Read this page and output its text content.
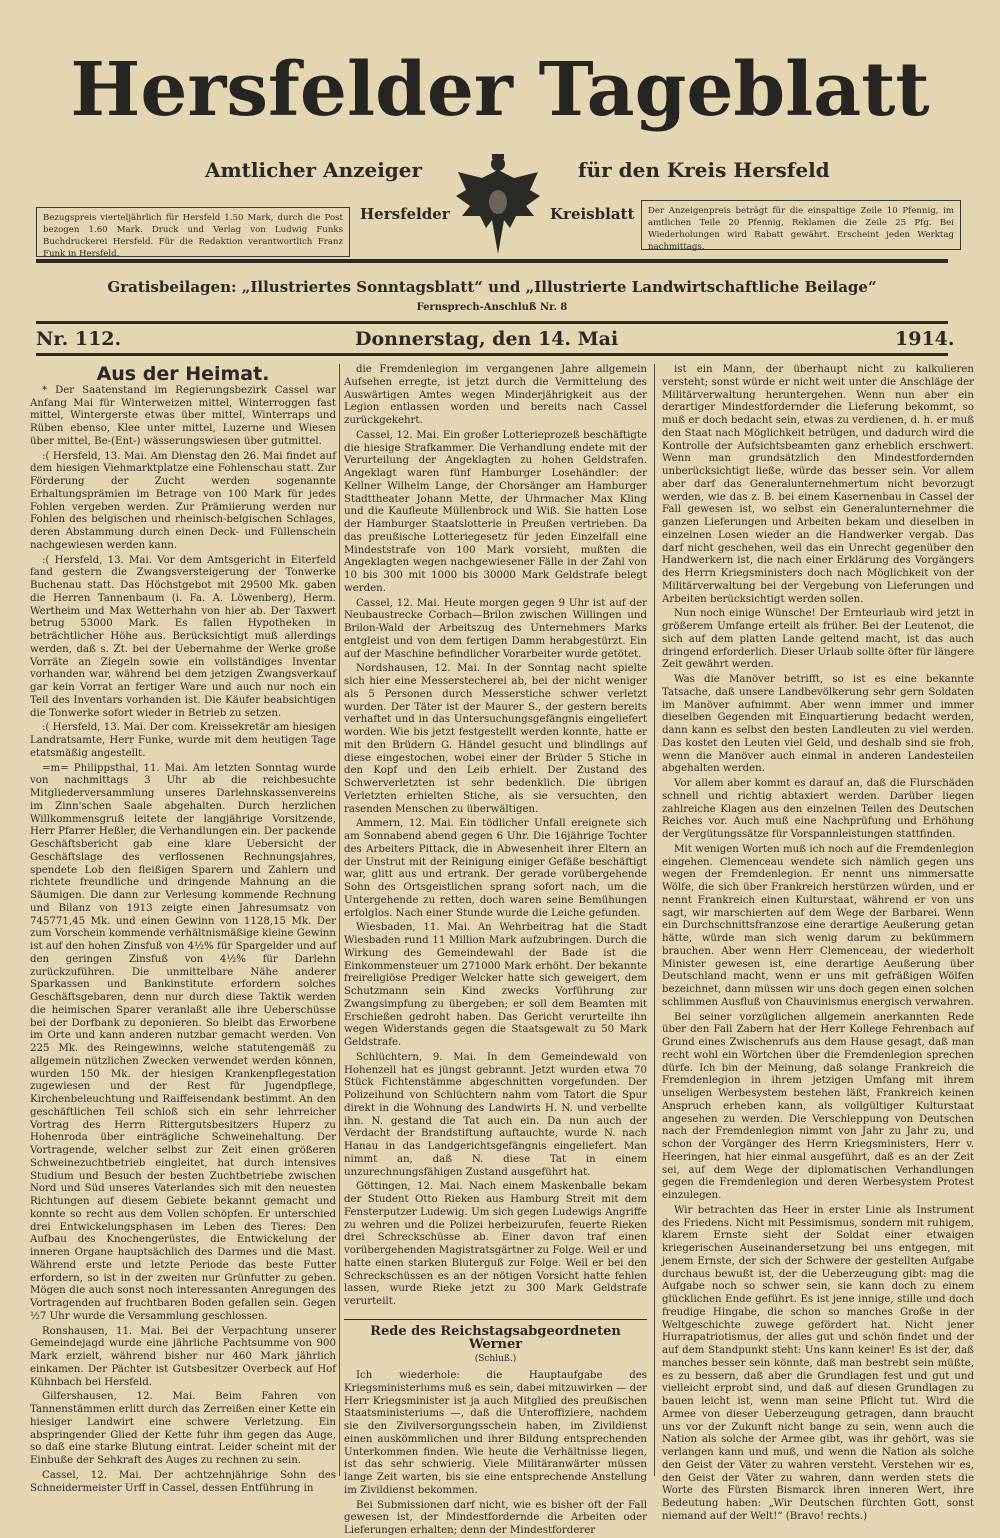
Hersfelder Tageblatt
Amtlicher Anzeiger	für den Kreis Hersfeld
Bezugspreis vierteljährlich für Hersfeld 1.50 Mark, durch die Post bezogen 1.60 Mark. Druck und Verlag von Ludwig Funks Buchdruckerei Hersfeld. Für die Redaktion verantwortlich Franz Funk in Hersfeld.
Der Anzeigenpreis beträgt für die einspaltige Zeile 10 Pfennig, im amtlichen Teile 20 Pfennig, Reklamen die Zeile 25 Pfg. Bei Wiederholungen wird Rabatt gewährt. Erscheint jeden Werktag nachmittags.
Hersfelder	Kreisblatt
Gratisbeilagen: „Illustriertes Sonntagsblatt“ und „Illustrierte Landwirtschaftliche Beilage“
Fernsprech-Anschluß Nr. 8
Nr. 112.	Donnerstag, den 14. Mai	1914.
Aus der Heimat.

* Der Saatenstand im Regierungsbezirk Cassel war Anfang Mai für Winterweizen mittel, Winterroggen fast mittel, Wintergerste etwas über mittel, Winterraps und Rüben ebenso, Klee unter mittel, Luzerne und Wiesen über mittel, Be-(Ent-) wässerungswiesen über gutmittel.

:( Hersfeld, 13. Mai. Am Dienstag den 26. Mai findet auf dem hiesigen Viehmarktplatze eine Fohlenschau statt. Zur Förderung der Zucht werden sogenannte Erhaltungsprämien im Betrage von 100 Mark für jedes Fohlen vergeben werden. Zur Prämiierung werden nur Fohlen des belgischen und rheinisch-belgischen Schlages, deren Abstammung durch einen Deck- und Füllenschein nachgewiesen werden kann.

:( Hersfeld, 13. Mai. Vor dem Amtsgericht in Eiterfeld fand gestern die Zwangsversteigerung der Tonwerke Buchenau statt. Das Höchstgebot mit 29500 Mk. gaben die Herren Tannenbaum (i. Fa. A. Löwenberg), Herm. Wertheim und Max Wetterhahn von hier ab. Der Taxwert betrug 53000 Mark. Es fallen Hypotheken in beträchtlicher Höhe aus. Berücksichtigt muß allerdings werden, daß s. Zt. bei der Uebernahme der Werke große Vorräte an Ziegeln sowie ein vollständiges Inventar vorhanden war, während bei dem jetzigen Zwangsverkauf gar kein Vorrat an fertiger Ware und auch nur noch ein Teil des Inventars vorhanden ist. Die Käufer beabsichtigen die Tonwerke sofort wieder in Betrieb zu setzen.

:( Hersfeld, 13. Mai. Der com. Kreissekretär am hiesigen Landratsamte, Herr Funke, wurde mit dem heutigen Tage etatsmäßig angestellt.

=m= Philippsthal, 11. Mai. Am letzten Sonntag wurde von nachmittags 3 Uhr ab die reichbesuchte Mitgliederversammlung unseres Darlehnskassenvereins im Zinn'schen Saale abgehalten. Durch herzlichen Willkommensgruß leitete der langjährige Vorsitzende, Herr Pfarrer Heßler, die Verhandlungen ein. Der packende Geschäftsbericht gab eine klare Uebersicht der Geschäftslage des verflossenen Rechnungsjahres, spendete Lob den fleißigen Sparern und Zahlern und richtete freundliche und dringende Mahnung an die Säumigen. Die dann zur Verlesung kommende Rechnung und Bilanz von 1913 zeigte einen Jahresumsatz von 745771,45 Mk. und einen Gewinn von 1128,15 Mk. Der zum Vorschein kommende verhältnismäßige kleine Gewinn ist auf den hohen Zinsfuß von 4½% für Spargelder und auf den geringen Zinsfuß von 4½% für Darlehn zurückzuführen. Die unmittelbare Nähe anderer Sparkassen und Bankinstitute erfordern solches Geschäftsgebaren, denn nur durch diese Taktik werden die heimischen Sparer veranlaßt alle ihre Ueberschüsse bei der Dorfbank zu deponieren. So bleibt das Erworbene im Orte und kann anderen nutzbar gemacht werden. Von 225 Mk. des Reingewinns, welche statutengemäß zu allgemein nützlichen Zwecken verwendet werden können, wurden 150 Mk. der hiesigen Krankenpflegestation zugewiesen und der Rest für Jugendpflege, Kirchenbeleuchtung und Raiffeisendank bestimmt. An den geschäftlichen Teil schloß sich ein sehr lehrreicher Vortrag des Herrn Rittergutsbesitzers Huperz zu Hohenroda über einträgliche Schweinehaltung. Der Vortragende, welcher selbst zur Zeit einen größeren Schweinezuchtbetrieb eingleitet, hat durch intensives Studium und Besuch der besten Zuchtbetriebe zwischen Nord und Süd unseres Vaterlandes sich mit den neuesten Richtungen auf diesem Gebiete bekannt gemacht und konnte so recht aus dem Vollen schöpfen. Er unterschied drei Entwickelungsphasen im Leben des Tieres: Den Aufbau des Knochengerüstes, die Entwickelung der inneren Organe hauptsächlich des Darmes und die Mast. Während erste und letzte Periode das beste Futter erfordern, so ist in der zweiten nur Grünfutter zu geben. Mögen die auch sonst noch interessanten Anregungen des Vortragenden auf fruchtbaren Boden gefallen sein. Gegen ½7 Uhr wurde die Versammlung geschlossen.

Ronshausen, 11. Mai. Bei der Verpachtung unserer Gemeindejagd wurde eine jährliche Pachtsumme von 900 Mark erzielt, während bisher nur 460 Mark jährlich einkamen. Der Pächter ist Gutsbesitzer Overbeck auf Hof Kühnbach bei Hersfeld.

Gilfershausen, 12. Mai. Beim Fahren von Tannenstämmen erlitt durch das Zerreißen einer Kette ein hiesiger Landwirt eine schwere Verletzung. Ein abspringender Glied der Kette fuhr ihm gegen das Auge, so daß eine starke Blutung eintrat. Leider scheint mit der Einbuße der Sehkraft des Auges zu rechnen zu sein.

Cassel, 12. Mai. Der achtzehnjährige Sohn des Schneidermeister Urff in Cassel, dessen Entführung in

die Fremdenlegion im vergangenen Jahre allgemein Aufsehen erregte, ist jetzt durch die Vermittelung des Auswärtigen Amtes wegen Minderjährigkeit aus der Legion entlassen worden und bereits nach Cassel zurückgekehrt.

Cassel, 12. Mai. Ein großer Lotterieprozeß beschäftigte die hiesige Strafkammer. Die Verhandlung endete mit der Verurteilung der Angeklagten zu hohen Geldstrafen. Angeklagt waren fünf Hamburger Losehändler: der Kellner Wilhelm Lange, der Chorsänger am Hamburger Stadttheater Johann Mette, der Uhrmacher Max Kling und die Kaufleute Müllenbrock und Wiß. Sie hatten Lose der Hamburger Staatslotterie in Preußen vertrieben. Da das preußische Lotteriegesetz für jeden Einzelfall eine Mindeststrafe von 100 Mark vorsieht, mußten die Angeklagten wegen nachgewiesener Fälle in der Zahl von 10 bis 300 mit 1000 bis 30000 Mark Geldstrafe belegt werden.

Cassel, 12. Mai. Heute morgen gegen 9 Uhr ist auf der Neubaustrecke Corbach—Brilon zwischen Willingen und Brilon-Wald der Arbeitszug des Unternehmers Marks entgleist und von dem fertigen Damm herabgestürzt. Ein auf der Maschine befindlicher Vorarbeiter wurde getötet.

Nordshausen, 12. Mai. In der Sonntag nacht spielte sich hier eine Messerstecherei ab, bei der nicht weniger als 5 Personen durch Messerstiche schwer verletzt wurden. Der Täter ist der Maurer S., der gestern bereits verhaftet und in das Untersuchungsgefängnis eingeliefert worden. Wie bis jetzt festgestellt werden konnte, hatte er mit den Brüdern G. Händel gesucht und blindlings auf diese eingestochen, wobei einer der Brüder 5 Stiche in den Kopf und den Leib erhielt. Der Zustand des Schwerverletzten ist sehr bedenklich. Die übrigen Verletzten erhielten Stiche, als sie versuchten, den rasenden Menschen zu überwältigen.

Ammern, 12. Mai. Ein tödlicher Unfall ereignete sich am Sonnabend abend gegen 6 Uhr. Die 16jährige Tochter des Arbeiters Pittack, die in Abwesenheit ihrer Eltern an der Unstrut mit der Reinigung einiger Gefäße beschäftigt war, glitt aus und ertrank. Der gerade vorübergehende Sohn des Ortsgeistlichen sprang sofort nach, um die Untergehende zu retten, doch waren seine Bemühungen erfolglos. Nach einer Stunde wurde die Leiche gefunden.

Wiesbaden, 11. Mai. An Wehrbeitrag hat die Stadt Wiesbaden rund 11 Million Mark aufzubringen. Durch die Wirkung des Gemeindewahl der Bade ist die Einkommensteuer um 271000 Mark erhöht. Der bekannte freireligiöse Prediger Welcker hatte sich geweigert, dem Schutzmann sein Kind zwecks Vorführung zur Zwangsimpfung zu übergeben; er soll dem Beamten mit Erschießen gedroht haben. Das Gericht verurteilte ihn wegen Widerstands gegen die Staatsgewalt zu 50 Mark Geldstrafe.

Schlüchtern, 9. Mai. In dem Gemeindewald von Hohenzell hat es jüngst gebrannt. Jetzt wurden etwa 70 Stück Fichtenstämme abgeschnitten vorgefunden. Der Polizeihund von Schlüchtern nahm vom Tatort die Spur direkt in die Wohnung des Landwirts H. N. und verbellte ihn. N. gestand die Tat auch ein. Da nun auch der Verdacht der Brandstiftung auftauchte, wurde N. nach Hanau in das Landgerichtsgefängnis eingeliefert. Man nimmt an, daß N. diese Tat in einem unzurechnungsfähigen Zustand ausgeführt hat.

Göttingen, 12. Mai. Nach einem Maskenballe bekam der Student Otto Rieken aus Hamburg Streit mit dem Fensterputzer Ludewig. Um sich gegen Ludewigs Angriffe zu wehren und die Polizei herbeizurufen, feuerte Rieken drei Schreckschüsse ab. Einer davon traf einen vorübergehenden Magistratsgärtner zu Folge. Weil er und hatte einen starken Bluterguß zur Folge. Weil er bei den Schreckschüssen es an der nötigen Vorsicht hatte fehlen lassen, wurde Rieke jetzt zu 300 Mark Geldstrafe verurteilt.

Rede des Reichstagsabgeordneten Werner
(Schluß.)

Ich wiederhole: die Hauptaufgabe des Kriegsministeriums muß es sein, dabei mitzuwirken — der Herr Kriegsminister ist ja auch Mitglied des preußischen Staatsministeriums —, daß die Unteroffiziere, nachdem sie den Zivilversorgungsschein haben, im Zivildienst einen auskömmlichen und ihrer Bildung entsprechenden Unterkommen finden. Wie heute die Verhältnisse liegen, ist das sehr schwierig. Viele Militäranwärter müssen lange Zeit warten, bis sie eine entsprechende Anstellung im Zivildienst bekommen.

Bei Submissionen darf nicht, wie es bisher oft der Fall gewesen ist, der Mindestfordernde die Arbeiten oder Lieferungen erhalten; denn der Mindestforderer

ist ein Mann, der überhaupt nicht zu kalkulieren versteht; sonst würde er nicht weit unter die Anschläge der Militärverwaltung heruntergehen. Wenn nun aber ein derartiger Mindestfordernder die Lieferung bekommt, so muß er doch bedacht sein, etwas zu verdienen, d. h. er muß den Staat nach Möglichkeit betrügen, und dadurch wird die Kontrolle der Aufsichtsbeamten ganz erheblich erschwert. Wenn man grundsätzlich den Mindestfordernden unberücksichtigt ließe, würde das besser sein. Vor allem aber darf das Generalunternehmertum nicht bevorzugt werden, wie das z. B. bei einem Kasernenbau in Cassel der Fall gewesen ist, wo selbst ein Generalunternehmer die ganzen Lieferungen und Arbeiten bekam und dieselben in einzelnen Losen wieder an die Handwerker vergab. Das darf nicht geschehen, weil das ein Unrecht gegenüber den Handwerkern ist, die nach einer Erklärung des Vorgängers des Herrn Kriegsministers doch nach Möglichkeit von der Militärverwaltung bei der Vergebung von Lieferungen und Arbeiten berücksichtigt werden sollen.

Nun noch einige Wünsche! Der Ernteurlaub wird jetzt in größerem Umfange erteilt als früher. Bei der Leutenot, die sich auf dem platten Lande geltend macht, ist das auch dringend erforderlich. Dieser Urlaub sollte öfter für längere Zeit gewährt werden.

Was die Manöver betrifft, so ist es eine bekannte Tatsache, daß unsere Landbevölkerung sehr gern Soldaten im Manöver aufnimmt. Aber wenn immer und immer dieselben Gegenden mit Einquartierung bedacht werden, dann kann es selbst den besten Landleuten zu viel werden. Das kostet den Leuten viel Geld, und deshalb sind sie froh, wenn die Manöver auch einmal in anderen Landesteilen abgehalten werden.

Vor allem aber kommt es darauf an, daß die Flurschäden schnell und richtig abtaxiert werden. Darüber liegen zahlreiche Klagen aus den einzelnen Teilen des Deutschen Reiches vor. Auch muß eine Nachprüfung und Erhöhung der Vergütungssätze für Vorspannleistungen stattfinden.

Mit wenigen Worten muß ich noch auf die Fremdenlegion eingehen. Clemenceau wendete sich nämlich gegen uns wegen der Fremdenlegion. Er nennt uns nimmersatte Wölfe, die sich über Frankreich herstürzen würden, und er nennt Frankreich einen Kulturstaat, während er von uns sagt, wir marschierten auf dem Wege der Barbarei. Wenn ein Durchschnittsfranzose eine derartige Aeußerung getan hätte, würde man sich wenig darum zu bekümmern brauchen. Aber wenn Herr Clemenceau, der wiederholt Minister gewesen ist, eine derartige Aeußerung über Deutschland macht, wenn er uns mit gefräßigen Wölfen bezeichnet, dann müssen wir uns doch gegen einen solchen schlimmen Ausfluß von Chauvinismus energisch verwahren.

Bei seiner vorzüglichen allgemein anerkannten Rede über den Fall Zabern hat der Herr Kollege Fehrenbach auf Grund eines Zwischenrufs aus dem Hause gesagt, daß man recht wohl ein Wörtchen über die Fremdenlegion sprechen dürfe. Ich bin der Meinung, daß solange Frankreich die Fremdenlegion in ihrem jetzigen Umfang mit ihrem unseligen Werbesystem bestehen läßt, Frankreich keinen Anspruch erheben kann, als vollgültiger Kulturstaat angesehen zu werden. Die Verschleppung von Deutschen nach der Fremdenlegion nimmt von Jahr zu Jahr zu, und schon der Vorgänger des Herrn Kriegsministers, Herr v. Heeringen, hat hier einmal ausgeführt, daß es an der Zeit sei, auf dem Wege der diplomatischen Verhandlungen gegen die Fremdenlegion und deren Werbesystem Protest einzulegen.

Wir betrachten das Heer in erster Linie als Instrument des Friedens. Nicht mit Pessimismus, sondern mit ruhigem, klarem Ernste sieht der Soldat einer etwaigen kriegerischen Auseinandersetzung bei uns entgegen, mit jenem Ernste, der sich der Schwere der gestellten Aufgabe durchaus bewußt ist, der die Ueberzeugung gibt: mag die Aufgabe noch so schwer sein, sie kann doch zu einem glücklichen Ende geführt. Es ist jene innige, stille und doch freudige Hingabe, die schon so manches Große in der Weltgeschichte zuwege gefördert hat. Nicht jener Hurrapatriotismus, der alles gut und schön findet und der auf dem Standpunkt steht: Uns kann keiner! Es ist der, daß manches besser sein könnte, daß man bestrebt sein müßte, es zu bessern, daß aber die Grundlagen fest und gut und vielleicht erprobt sind, und daß auf diesen Grundlagen zu bauen leicht ist, wenn man seine Pflicht tut. Wird die Armee von dieser Ueberzeugung getragen, dann braucht uns vor der Zukunft nicht bange zu sein, wenn auch die Nation als solche der Armee gibt, was ihr gehört, was sie verlangen kann und muß, und wenn die Nation als solche den Geist der Väter zu wahren versteht. Verstehen wir es, den Geist der Väter zu wahren, dann werden stets die Worte des Fürsten Bismarck ihren inneren Wert, ihre Bedeutung haben: „Wir Deutschen fürchten Gott, sonst niemand auf der Welt!“ (Bravo! rechts.)
